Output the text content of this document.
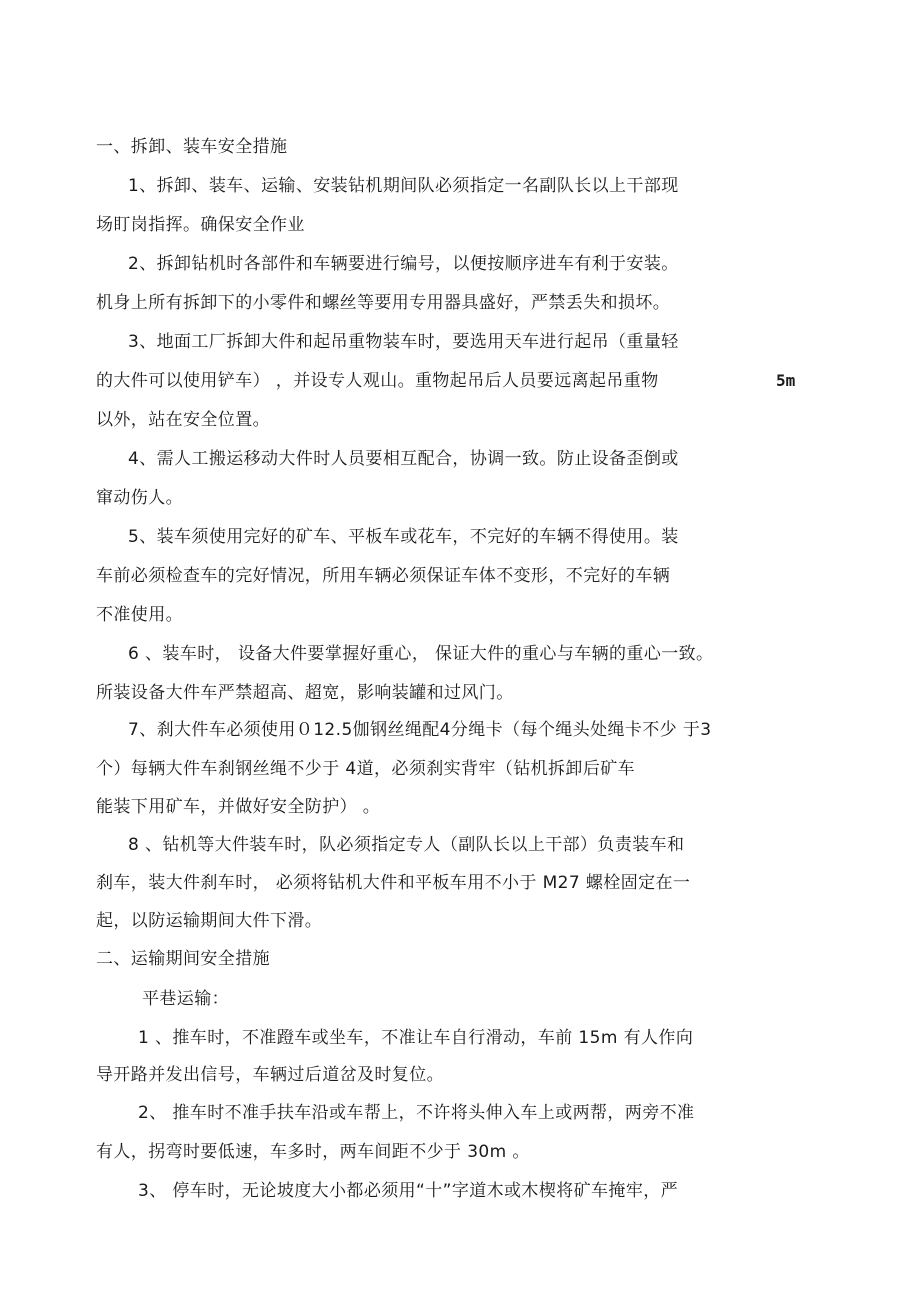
一、拆卸、装车安全措施
1、拆卸、装车、运输、安装钻机期间队必须指定一名副队长以上干部现
场盯岗指挥。确保安全作业
2、拆卸钻机时各部件和车辆要进行编号，以便按顺序进车有利于安装。
机身上所有拆卸下的小零件和螺丝等要用专用器具盛好，严禁丢失和损坏。
3、地面工厂拆卸大件和起吊重物装车时，要选用天车进行起吊（重量轻
的大件可以使用铲车） ，并设专人观山。重物起吊后人员要远离起吊重物	5m
以外，站在安全位置。
4、需人工搬运移动大件时人员要相互配合，协调一致。防止设备歪倒或
窜动伤人。
5、装车须使用完好的矿车、平板车或花车，不完好的车辆不得使用。装
车前必须检查车的完好情况，所用车辆必须保证车体不变形，不完好的车辆
不准使用。
6 、装车时， 设备大件要掌握好重心， 保证大件的重心与车辆的重心一致。
所装设备大件车严禁超高、超宽，影响装罐和过风门。
7、刹大件车必须使用０12.5伽钢丝绳配4分绳卡（每个绳头处绳卡不少 于3
个）每辆大件车刹钢丝绳不少于 4道，必须刹实背牢（钻机拆卸后矿车
能装下用矿车，并做好安全防护） 。
8 、钻机等大件装车时，队必须指定专人（副队长以上干部）负责装车和
刹车，装大件刹车时， 必须将钻机大件和平板车用不小于 M27 螺栓固定在一
起，以防运输期间大件下滑。
二、运输期间安全措施
平巷运输：
1 、推车时，不准蹬车或坐车，不准让车自行滑动，车前 15m 有人作向
导开路并发出信号，车辆过后道岔及时复位。
2、 推车时不准手扶车沿或车帮上，不许将头伸入车上或两帮，两旁不准
有人，拐弯时要低速，车多时，两车间距不少于 30m 。
3、 停车时，无论坡度大小都必须用“十”字道木或木楔将矿车掩牢，严
